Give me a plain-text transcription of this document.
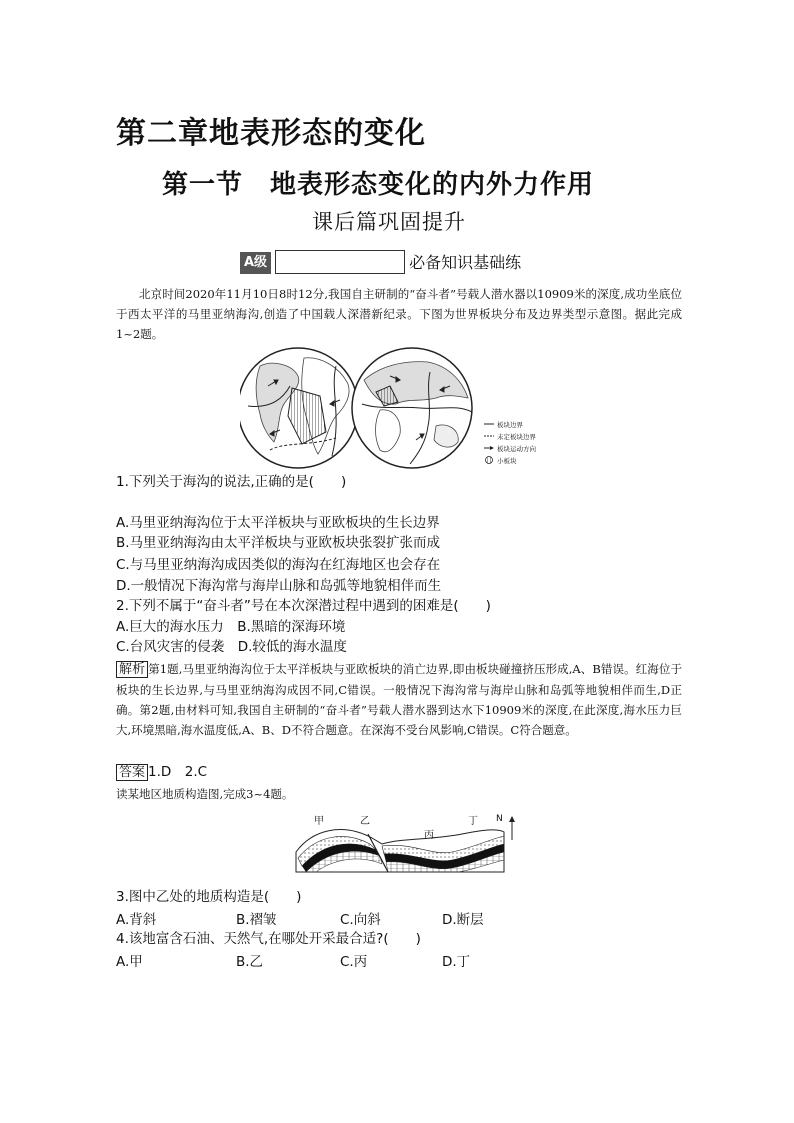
第二章地表形态的变化
第一节　地表形态变化的内外力作用
课后篇巩固提升
A级	必备知识基础练
北京时间2020年11月10日8时12分,我国自主研制的“奋斗者”号载人潜水器以10909米的深度,成功坐底位于西太平洋的马里亚纳海沟,创造了中国载人深潜新纪录。下图为世界板块分布及边界类型示意图。据此完成1~2题。
板块边界
未定板块边界
板块运动方向
小板块
1.下列关于海沟的说法,正确的是(　　)
A.马里亚纳海沟位于太平洋板块与亚欧板块的生长边界
B.马里亚纳海沟由太平洋板块与亚欧板块张裂扩张而成
C.与马里亚纳海沟成因类似的海沟在红海地区也会存在
D.一般情况下海沟常与海岸山脉和岛弧等地貌相伴而生
2.下列不属于“奋斗者”号在本次深潜过程中遇到的困难是(　　)
A.巨大的海水压力　B.黑暗的深海环境
C.台风灾害的侵袭　D.较低的海水温度
解析 第1题,马里亚纳海沟位于太平洋板块与亚欧板块的消亡边界,即由板块碰撞挤压形成,A、B错误。红海位于板块的生长边界,与马里亚纳海沟成因不同,C错误。一般情况下海沟常与海岸山脉和岛弧等地貌相伴而生,D正确。第2题,由材料可知,我国自主研制的“奋斗者”号载人潜水器到达水下10909米的深度,在此深度,海水压力巨大,环境黑暗,海水温度低,A、B、D不符合题意。在深海不受台风影响,C错误。C符合题意。
答案 1.D　2.C
读某地区地质构造图,完成3~4题。
甲	乙
丙
丁 N
3.图中乙处的地质构造是(　　)
A.背斜	B.褶皱	C.向斜	D.断层
4.该地富含石油、天然气,在哪处开采最合适?(　　)
A.甲	B.乙	C.丙	D.丁
